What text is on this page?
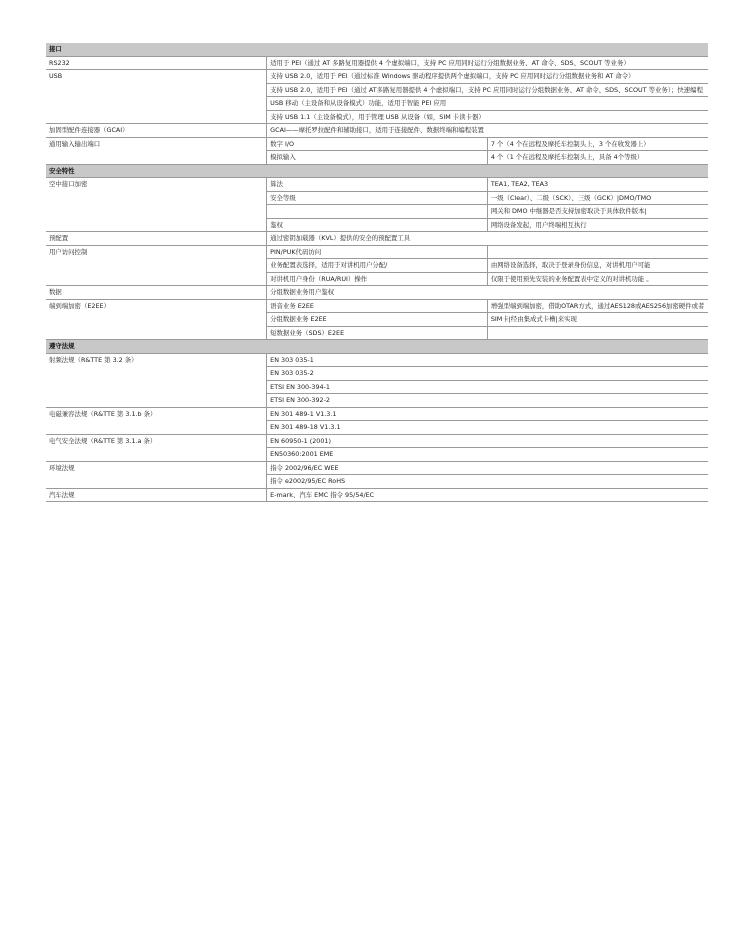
接口		
RS232	适用于 PEI（通过 AT 多路复用器提供 4 个虚拟端口，支持 PC 应用同时运行分组数据业务、AT 命令、SDS、SCOUT 等业务）	
USB	支持 USB 2.0，适用于 PEI（通过标准 Windows 驱动程序提供两个虚拟端口，支持 PC 应用同时运行分组数据业务和 AT 命令）	
	支持 USB 2.0，适用于 PEI（通过 AT多路复用器提供 4 个虚拟端口，支持 PC 应用同时运行分组数据业务、AT 命令、SDS、SCOUT 等业务）；快速编程	
	USB 移动（主设备和从设备模式）功能，适用于智能 PEI 应用	
	支持 USB 1.1（主设备模式），用于管理 USB 从设备（如，SIM 卡读卡器）	
加固型配件连接器（GCAI）	GCAI——摩托罗拉配件和辅助接口，适用于连接配件、数据终端和编程装置	
通用输入输出端口	数字 I/O	7 个（4 个在远程及摩托车控制头上，3 个在收发器上）
	模拟输入	4 个（1 个在远程及摩托车控制头上，具备 4个等级）
安全特性		
空中接口加密	算法	TEA1, TEA2, TEA3
	安全等级	一级（Clear）、二级（SCK）、三级（GCK）|DMO/TMO
		网关和 DMO 中继器是否支持加密取决于具体软件版本|
	鉴权	网络设备发起，用户终端相互执行
预配置	通过密钥加载器（KVL）提供的安全的预配置工具	
用户访问控制	PIN/PUK代码访问	
	业务配置表选择，适用于对讲机用户分配/	由网络设备选择，取决于登录身份信息，对讲机用户可能
	对讲机用户身份（RUA/RUI）操作	仅限于使用预先安装的业务配置表中定义的对讲机功能 。
数据	分组数据业务用户鉴权	
端到端加密（E2EE）	语音业务 E2EE	增强型端到端加密，借助OTAR方式，通过AES128或AES256加密硬件或者
	分组数据业务 E2EE	SIM卡|经由集成式卡槽|来实现
	短数据业务（SDS）E2EE	
遵守法规		
射频法规（R&TTE 第 3.2 条）	EN 303 035-1	
	EN 303 035-2	
	ETSI EN 300-394-1	
	ETSI EN 300-392-2	
电磁兼容法规（R&TTE 第 3.1.b 条）	EN 301 489-1 V1.3.1	
	EN 301 489-18 V1.3.1	
电气安全法规（R&TTE 第 3.1.a 条）	EN 60950-1 (2001)	
	EN50360:2001 EME	
环境法规	指令 2002/96/EC WEE	
	指令 e2002/95/EC RoHS	
汽车法规	E-mark、汽车 EMC 指令 95/54/EC	
